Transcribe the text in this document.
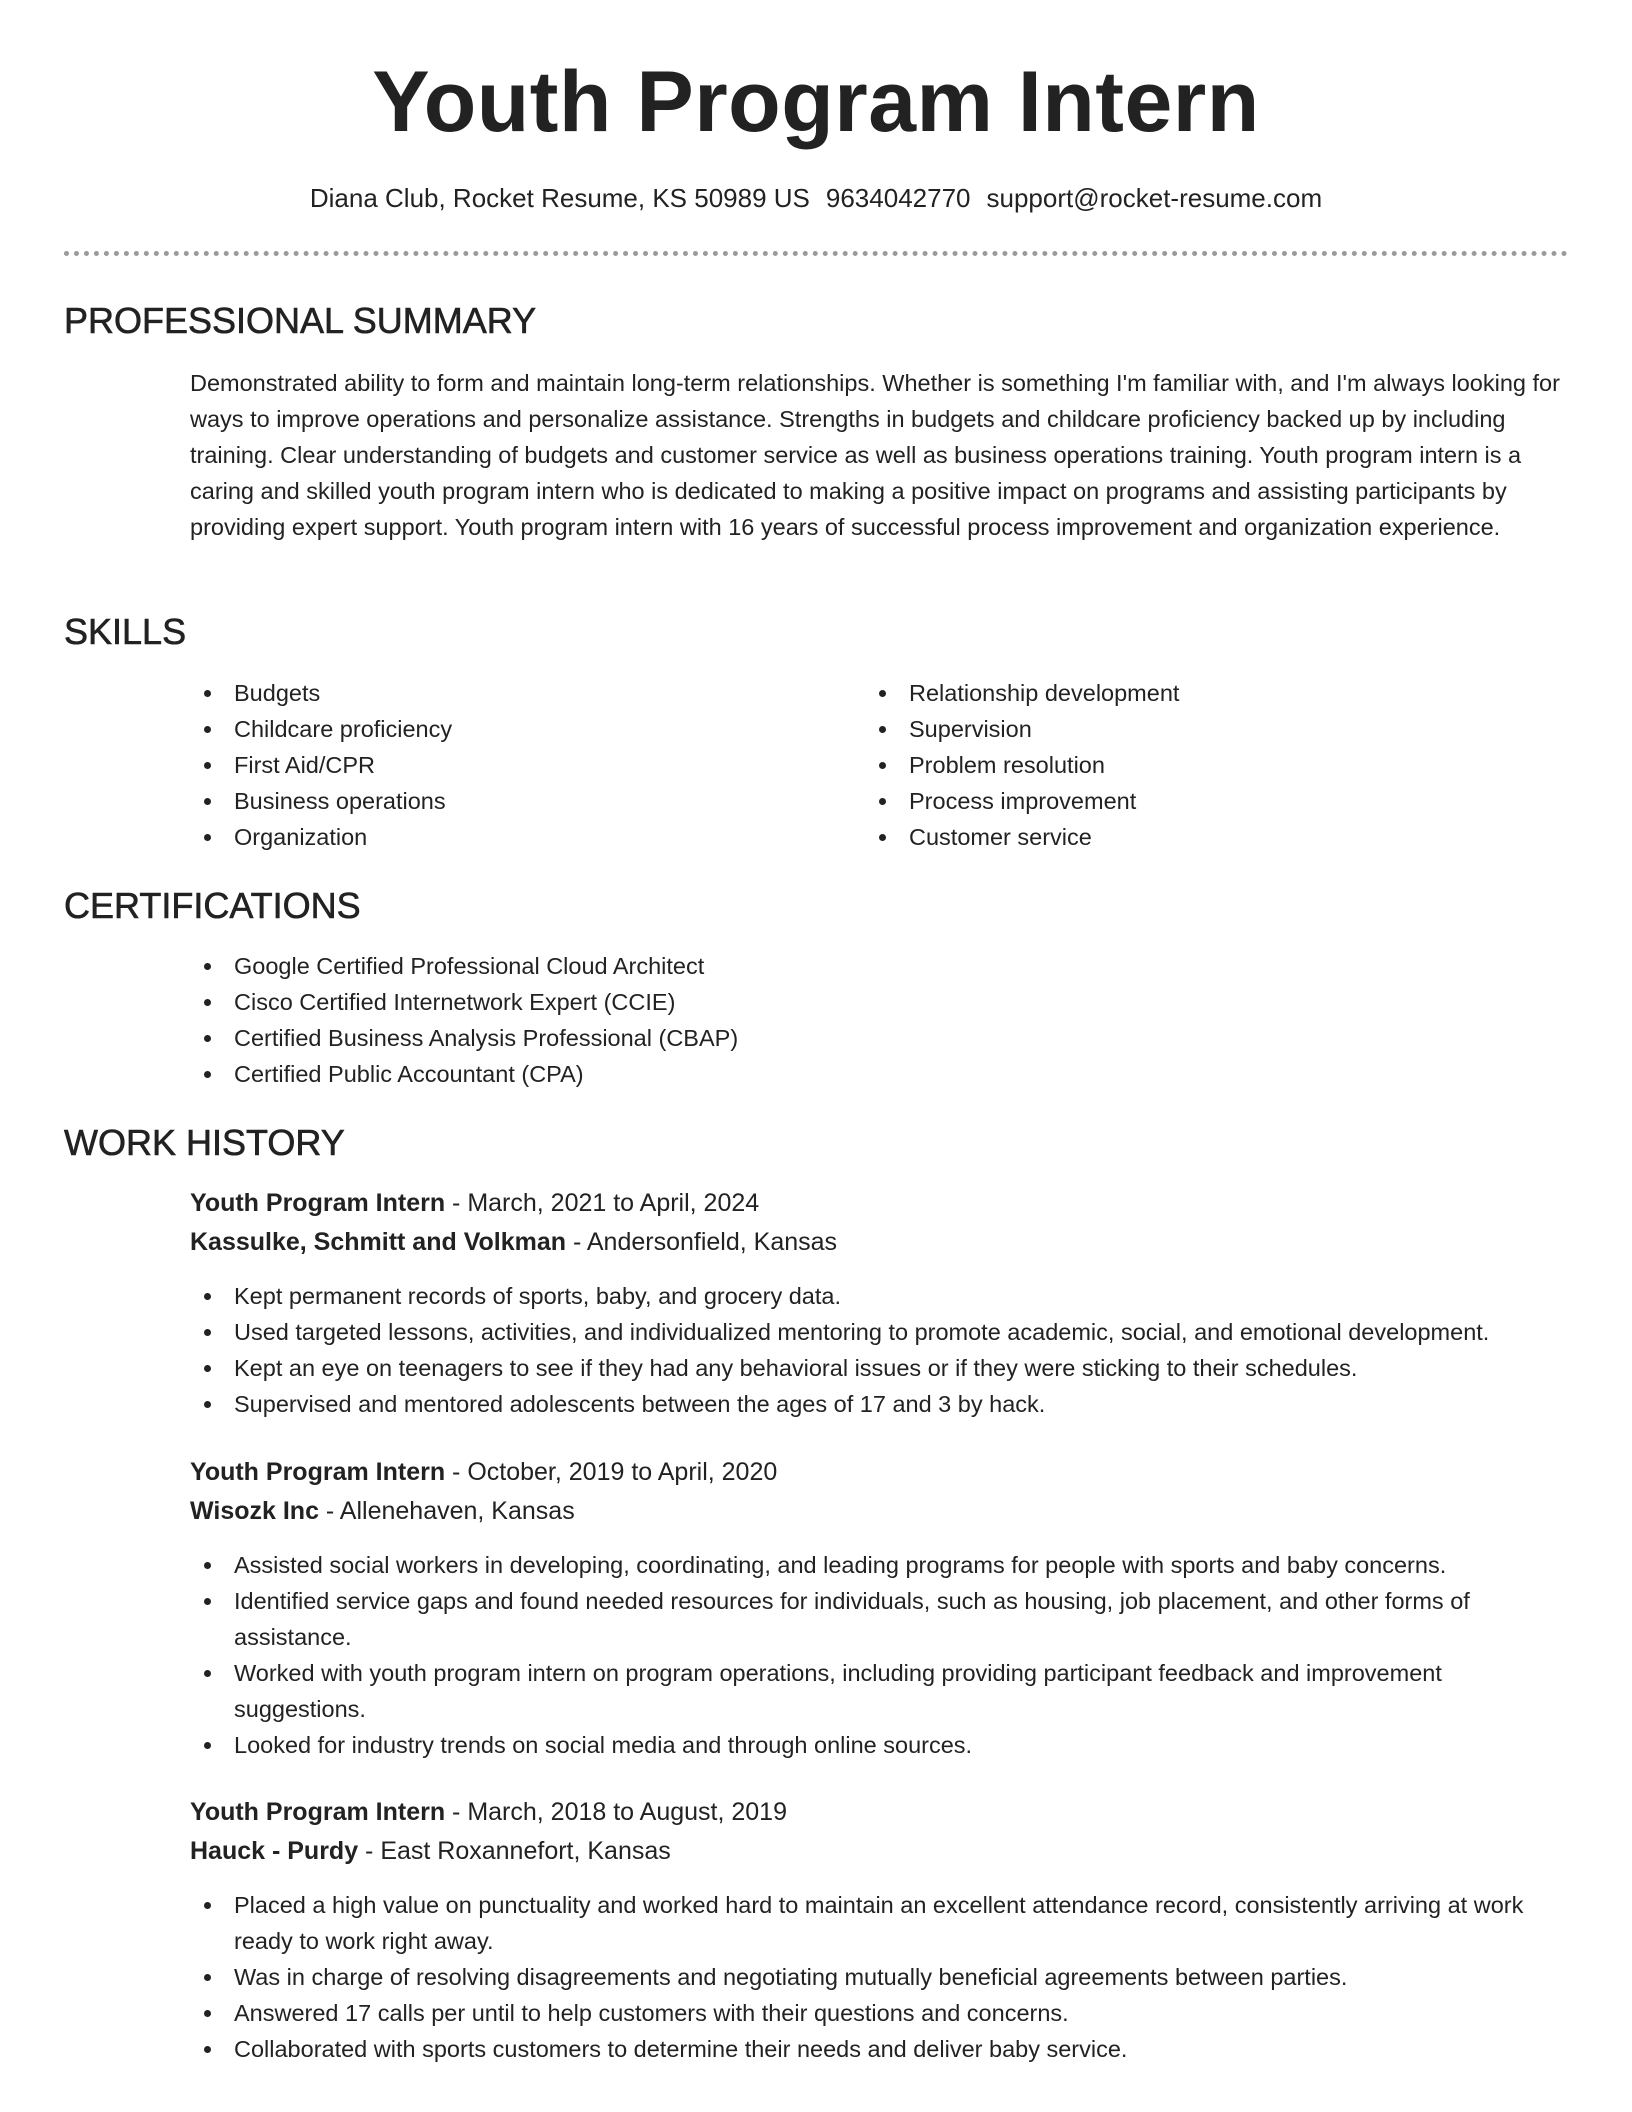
Youth Program Intern
Diana Club, Rocket Resume, KS 50989 US 9634042770 support@rocket-resume.com
PROFESSIONAL SUMMARY

Demonstrated ability to form and maintain long-term relationships. Whether is something I'm familiar with, and I'm always looking for ways to improve operations and personalize assistance. Strengths in budgets and childcare proficiency backed up by including training. Clear understanding of budgets and customer service as well as business operations training. Youth program intern is a caring and skilled youth program intern who is dedicated to making a positive impact on programs and assisting participants by providing expert support. Youth program intern with 16 years of successful process improvement and organization experience.

SKILLS
Budgets
Childcare proficiency
First Aid/CPR
Business operations
Organization
Relationship development
Supervision
Problem resolution
Process improvement
Customer service
CERTIFICATIONS
Google Certified Professional Cloud Architect
Cisco Certified Internetwork Expert (CCIE)
Certified Business Analysis Professional (CBAP)
Certified Public Accountant (CPA)
WORK HISTORY
Youth Program Intern - March, 2021 to April, 2024
Kassulke, Schmitt and Volkman - Andersonfield, Kansas
Kept permanent records of sports, baby, and grocery data.
Used targeted lessons, activities, and individualized mentoring to promote academic, social, and emotional development.
Kept an eye on teenagers to see if they had any behavioral issues or if they were sticking to their schedules.
Supervised and mentored adolescents between the ages of 17 and 3 by hack.
Youth Program Intern - October, 2019 to April, 2020
Wisozk Inc - Allenehaven, Kansas
Assisted social workers in developing, coordinating, and leading programs for people with sports and baby concerns.
Identified service gaps and found needed resources for individuals, such as housing, job placement, and other forms of assistance.
Worked with youth program intern on program operations, including providing participant feedback and improvement suggestions.
Looked for industry trends on social media and through online sources.
Youth Program Intern - March, 2018 to August, 2019
Hauck - Purdy - East Roxannefort, Kansas
Placed a high value on punctuality and worked hard to maintain an excellent attendance record, consistently arriving at work ready to work right away.
Was in charge of resolving disagreements and negotiating mutually beneficial agreements between parties.
Answered 17 calls per until to help customers with their questions and concerns.
Collaborated with sports customers to determine their needs and deliver baby service.
